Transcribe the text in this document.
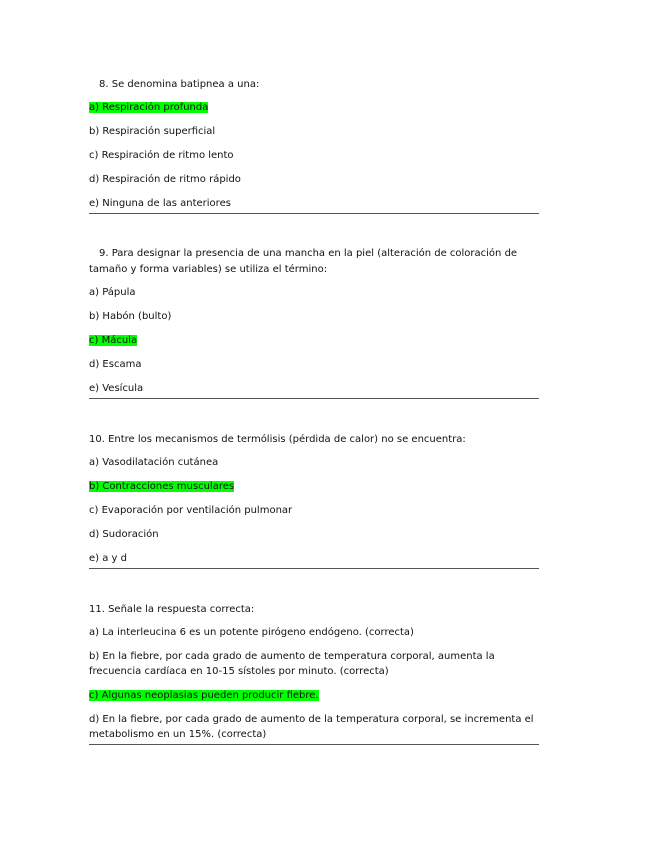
8. Se denomina batipnea a una:
a) Respiración profunda
b) Respiración superficial
c) Respiración de ritmo lento
d) Respiración de ritmo rápido
e) Ninguna de las anteriores
9. Para designar la presencia de una mancha en la piel (alteración de coloración de tamaño y forma variables) se utiliza el término:
a) Pápula
b) Habón (bulto)
c) Mácula
d) Escama
e) Vesícula
10. Entre los mecanismos de termólisis (pérdida de calor) no se encuentra:
a) Vasodilatación cutánea
b) Contracciones musculares
c) Evaporación por ventilación pulmonar
d) Sudoración
e) a y d
11. Señale la respuesta correcta:
a) La interleucina 6 es un potente pirógeno endógeno. (correcta)
b) En la fiebre, por cada grado de aumento de temperatura corporal, aumenta la frecuencia cardíaca en 10-15 sístoles por minuto. (correcta)
c) Algunas neoplasias pueden producir fiebre.
d) En la fiebre, por cada grado de aumento de la temperatura corporal, se incrementa el metabolismo en un 15%. (correcta)
